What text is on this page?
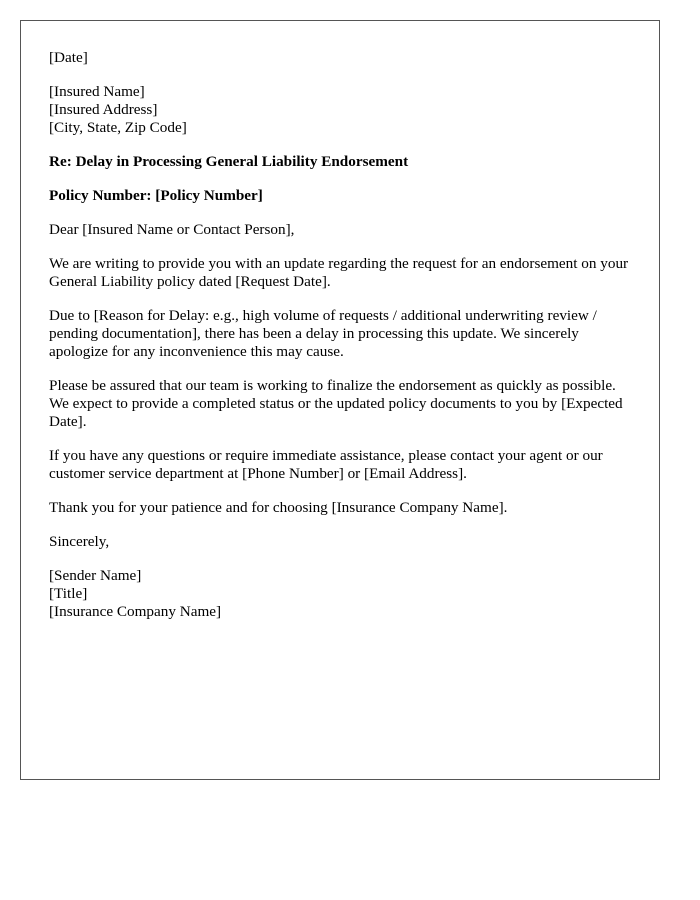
[Date]
[Insured Name]
[Insured Address]
[City, State, Zip Code]
Re: Delay in Processing General Liability Endorsement
Policy Number: [Policy Number]
Dear [Insured Name or Contact Person],

We are writing to provide you with an update regarding the request for an endorsement on your General Liability policy dated [Request Date].

Due to [Reason for Delay: e.g., high volume of requests / additional underwriting review / pending documentation], there has been a delay in processing this update. We sincerely apologize for any inconvenience this may cause.

Please be assured that our team is working to finalize the endorsement as quickly as possible. We expect to provide a completed status or the updated policy documents to you by [Expected Date].

If you have any questions or require immediate assistance, please contact your agent or our customer service department at [Phone Number] or [Email Address].

Thank you for your patience and for choosing [Insurance Company Name].

Sincerely,
[Sender Name]
[Title]
[Insurance Company Name]
